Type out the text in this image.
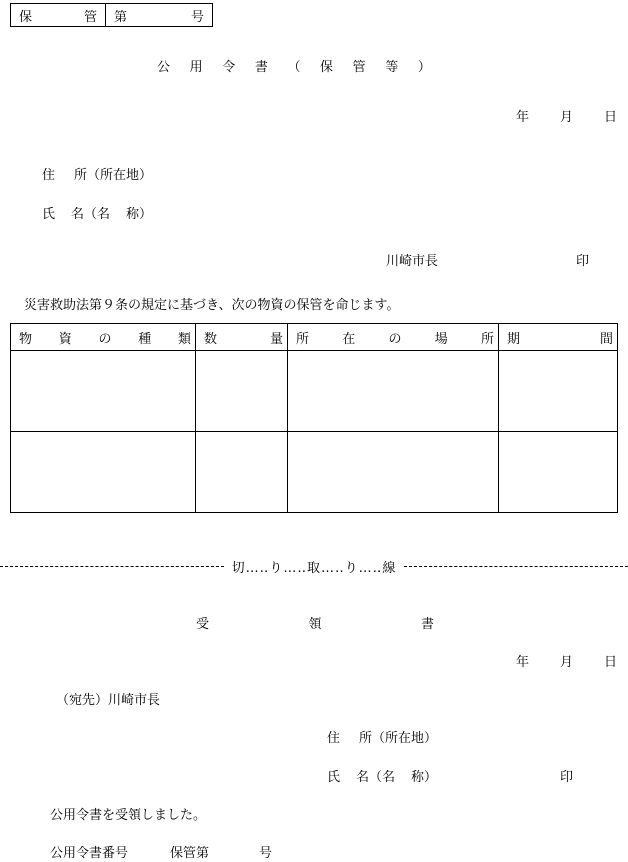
保	管 第	号
公 用 令 書 （ 保 管 等 ）
年 月 日
住 所（所在地）
氏 名（名 称）
川崎市長	印
災害救助法第９条の規定に基づき、次の物資の保管を命じます。
物 資 の 種 類	数 量	所 在 の 場 所	期 間

切…‥り…‥取…‥り…‥線
受	領	書
年 月 日
（宛先）川崎市長
住 所（所在地）
氏 名（名 称）	印
公用令書を受領しました。
公用令書番号	保管第	号
